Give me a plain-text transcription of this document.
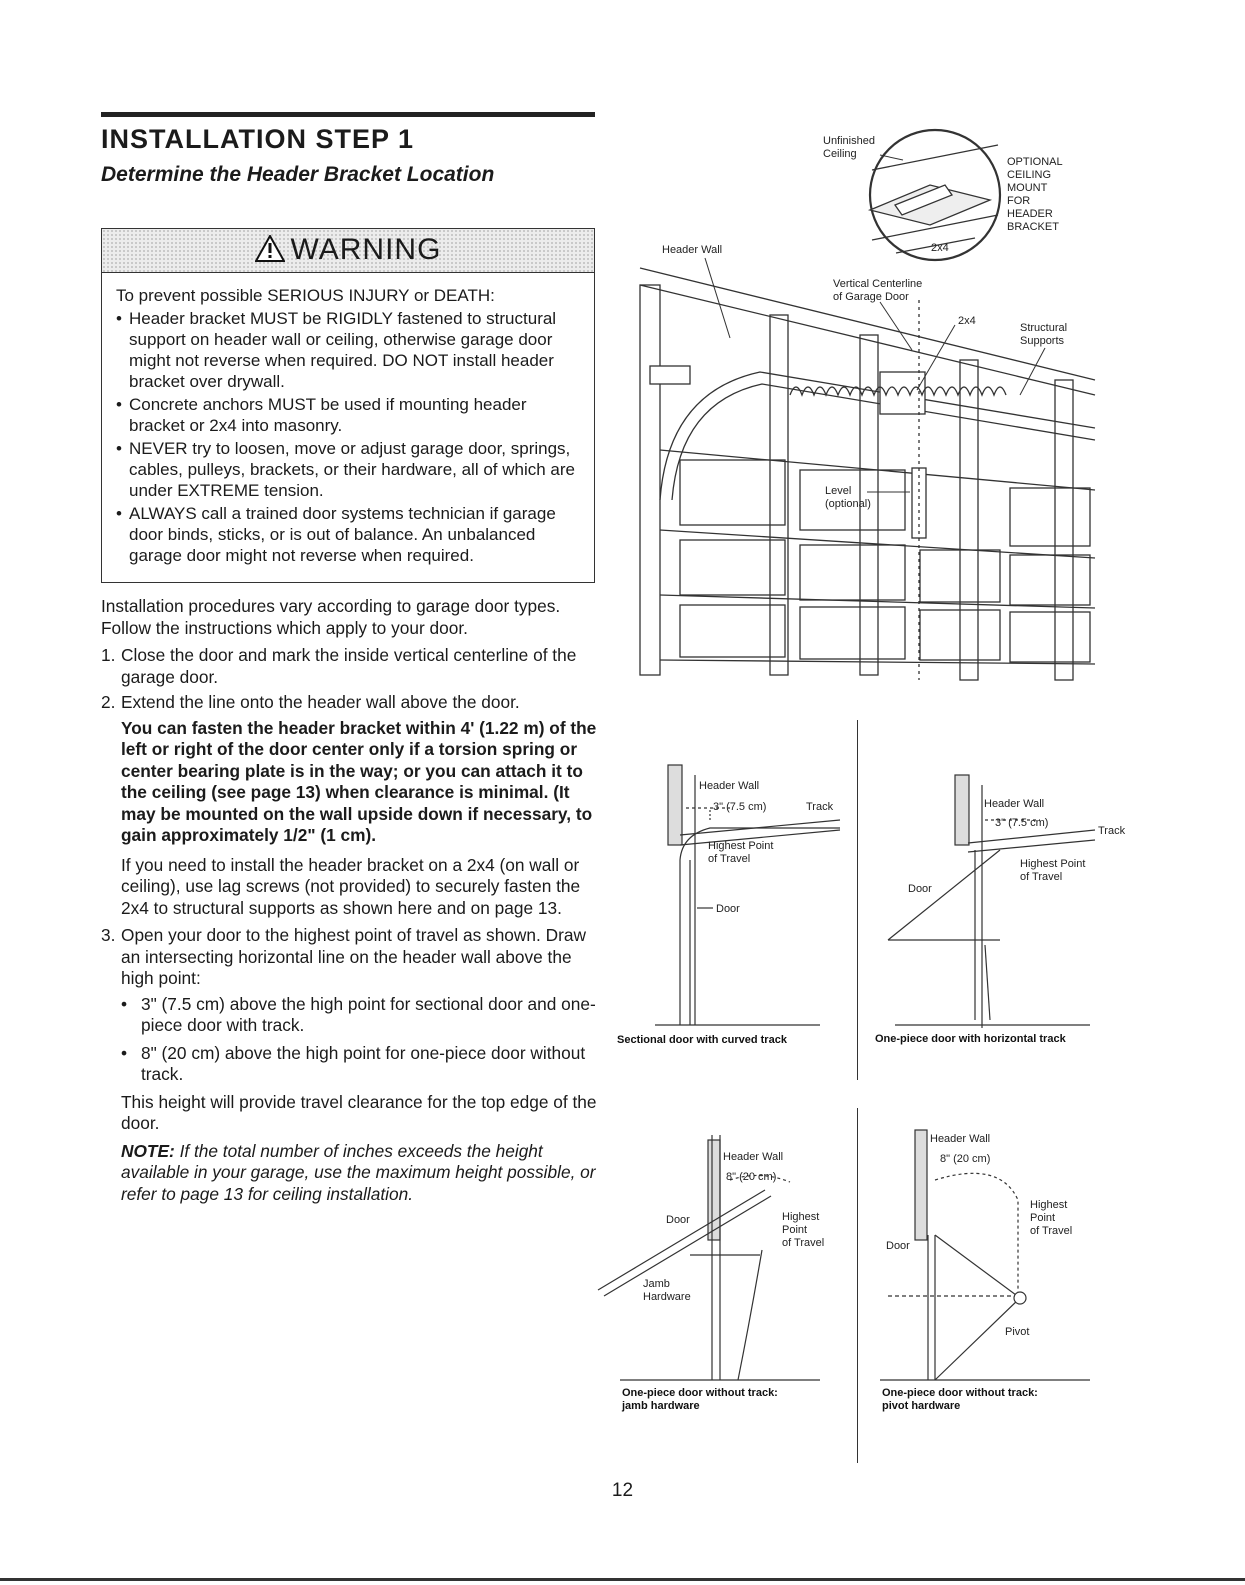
INSTALLATION STEP 1
Determine the Header Bracket Location
WARNING
To prevent possible SERIOUS INJURY or DEATH:
• Header bracket MUST be RIGIDLY fastened to structural support on header wall or ceiling, otherwise garage door might not reverse when required. DO NOT install header bracket over drywall.
• Concrete anchors MUST be used if mounting header bracket or 2x4 into masonry.
• NEVER try to loosen, move or adjust garage door, springs, cables, pulleys, brackets, or their hardware, all of which are under EXTREME tension.
• ALWAYS call a trained door systems technician if garage door binds, sticks, or is out of balance. An unbalanced garage door might not reverse when required.

Installation procedures vary according to garage door types. Follow the instructions which apply to your door.

1. Close the door and mark the inside vertical centerline of the garage door.
2. Extend the line onto the header wall above the door.
You can fasten the header bracket within 4' (1.22 m) of the left or right of the door center only if a torsion spring or center bearing plate is in the way; or you can attach it to the ceiling (see page 13) when clearance is minimal. (It may be mounted on the wall upside down if necessary, to gain approximately 1/2" (1 cm).
If you need to install the header bracket on a 2x4 (on wall or ceiling), use lag screws (not provided) to securely fasten the 2x4 to structural supports as shown here and on page 13.
3. Open your door to the highest point of travel as shown. Draw an intersecting horizontal line on the header wall above the high point:
• 3" (7.5 cm) above the high point for sectional door and one-piece door with track.
• 8" (20 cm) above the high point for one-piece door without track.
This height will provide travel clearance for the top edge of the door.
NOTE: If the total number of inches exceeds the height available in your garage, use the maximum height possible, or refer to page 13 for ceiling installation.
Unfinished
Ceiling
OPTIONAL
CEILING
MOUNT
FOR
HEADER
BRACKET
2x4
Header Wall
Vertical Centerline
of Garage Door
2x4
Structural
Supports
Level
(optional)
Header Wall
3" (7.5 cm)	Track
Highest Point
of Travel
Door
Sectional door with curved track
Header Wall
3" (7.5 cm)
Track
Highest Point
of Travel
Door
One-piece door with horizontal track
Header Wall
8" (20 cm)
Door	Highest
Point
of Travel
Jamb
Hardware
One-piece door without track:
jamb hardware
Header Wall
8" (20 cm)
Highest
Point
of Travel
Door
Pivot
One-piece door without track:
pivot hardware
12
